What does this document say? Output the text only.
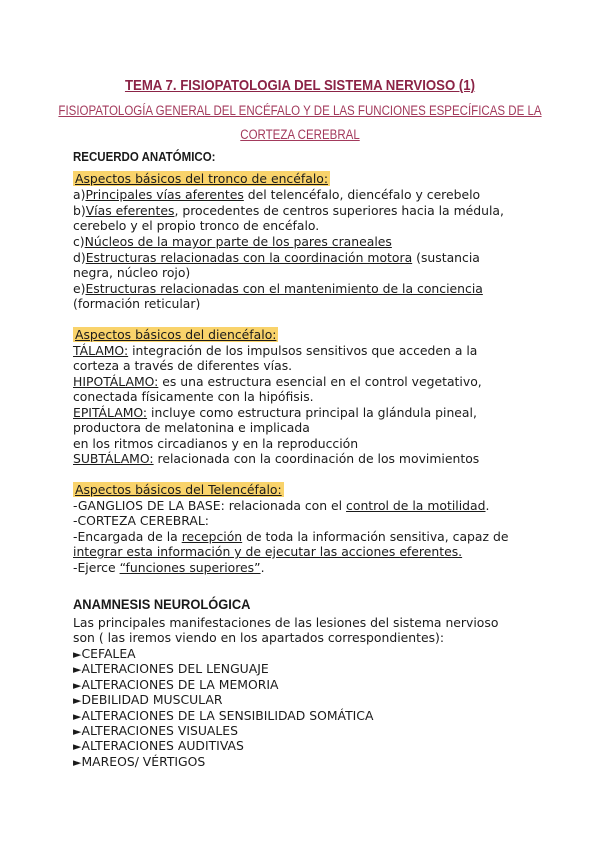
TEMA 7. FISIOPATOLOGIA DEL SISTEMA NERVIOSO (1)
FISIOPATOLOGÍA GENERAL DEL ENCÉFALO Y DE LAS FUNCIONES ESPECÍFICAS DE LA
CORTEZA CEREBRAL
RECUERDO ANATÓMICO:
Aspectos básicos del tronco de encéfalo:
a)Principales vías aferentes del telencéfalo, diencéfalo y cerebelo
b)Vías eferentes, procedentes de centros superiores hacia la médula,
cerebelo y el propio tronco de encéfalo.
c)Núcleos de la mayor parte de los pares craneales
d)Estructuras relacionadas con la coordinación motora (sustancia
negra, núcleo rojo)
e)Estructuras relacionadas con el mantenimiento de la conciencia
(formación reticular)
Aspectos básicos del diencéfalo:
TÁLAMO: integración de los impulsos sensitivos que acceden a la
corteza a través de diferentes vías.
HIPOTÁLAMO: es una estructura esencial en el control vegetativo,
conectada físicamente con la hipófisis.
EPITÁLAMO: incluye como estructura principal la glándula pineal,
productora de melatonina e implicada
en los ritmos circadianos y en la reproducción
SUBTÁLAMO: relacionada con la coordinación de los movimientos
Aspectos básicos del Telencéfalo:
-GANGLIOS DE LA BASE: relacionada con el control de la motilidad.
-CORTEZA CEREBRAL:
-Encargada de la recepción de toda la información sensitiva, capaz de
integrar esta información y de ejecutar las acciones eferentes.
-Ejerce “funciones superiores”.
ANAMNESIS NEUROLÓGICA
Las principales manifestaciones de las lesiones del sistema nervioso
son ( las iremos viendo en los apartados correspondientes):
►CEFALEA
►ALTERACIONES DEL LENGUAJE
►ALTERACIONES DE LA MEMORIA
►DEBILIDAD MUSCULAR
►ALTERACIONES DE LA SENSIBILIDAD SOMÁTICA
►ALTERACIONES VISUALES
►ALTERACIONES AUDITIVAS
►MAREOS/ VÉRTIGOS
